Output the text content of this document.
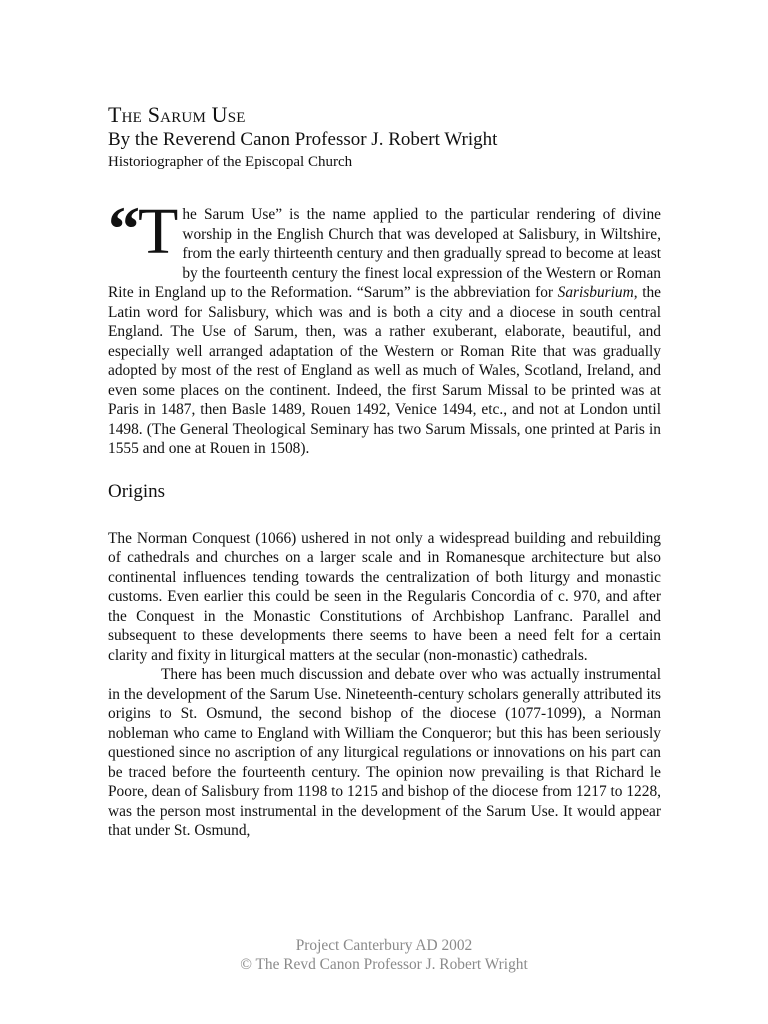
The Sarum Use

By the Reverend Canon Professor J. Robert Wright

Historiographer of the Episcopal Church

“
T he Sarum Use” is the name applied to the particular rendering of divine worship in the English Church that was developed at Salisbury, in Wiltshire, from the early thirteenth century and then gradually spread to become at least by the fourteenth century the finest local expression of the Western or Roman Rite in England up to the Reformation. “Sarum” is the abbreviation for Sarisburium, the Latin word for Salisbury, which was and is both a city and a diocese in south central England. The Use of Sarum, then, was a rather exuberant, elaborate, beautiful, and especially well arranged adaptation of the Western or Roman Rite that was gradually adopted by most of the rest of England as well as much of Wales, Scotland, Ireland, and even some places on the continent. Indeed, the first Sarum Missal to be printed was at Paris in 1487, then Basle 1489, Rouen 1492, Venice 1494, etc., and not at London until 1498. (The General Theological Seminary has two Sarum Missals, one printed at Paris in 1555 and one at Rouen in 1508).

Origins

The Norman Conquest (1066) ushered in not only a widespread building and rebuilding of cathedrals and churches on a larger scale and in Romanesque architecture but also continental influences tending towards the centralization of both liturgy and monastic customs. Even earlier this could be seen in the Regularis Concordia of c. 970, and after the Conquest in the Monastic Constitutions of Archbishop Lanfranc. Parallel and subsequent to these developments there seems to have been a need felt for a certain clarity and fixity in liturgical matters at the secular (non-monastic) cathedrals.

There has been much discussion and debate over who was actually instrumental in the development of the Sarum Use. Nineteenth-century scholars generally attributed its origins to St. Osmund, the second bishop of the diocese (1077-1099), a Norman nobleman who came to England with William the Conqueror; but this has been seriously questioned since no ascription of any liturgical regulations or innovations on his part can be traced before the fourteenth century. The opinion now prevailing is that Richard le Poore, dean of Salisbury from 1198 to 1215 and bishop of the diocese from 1217 to 1228, was the person most instrumental in the development of the Sarum Use. It would appear that under St. Osmund,

Project Canterbury AD 2002
© The Revd Canon Professor J. Robert Wright
